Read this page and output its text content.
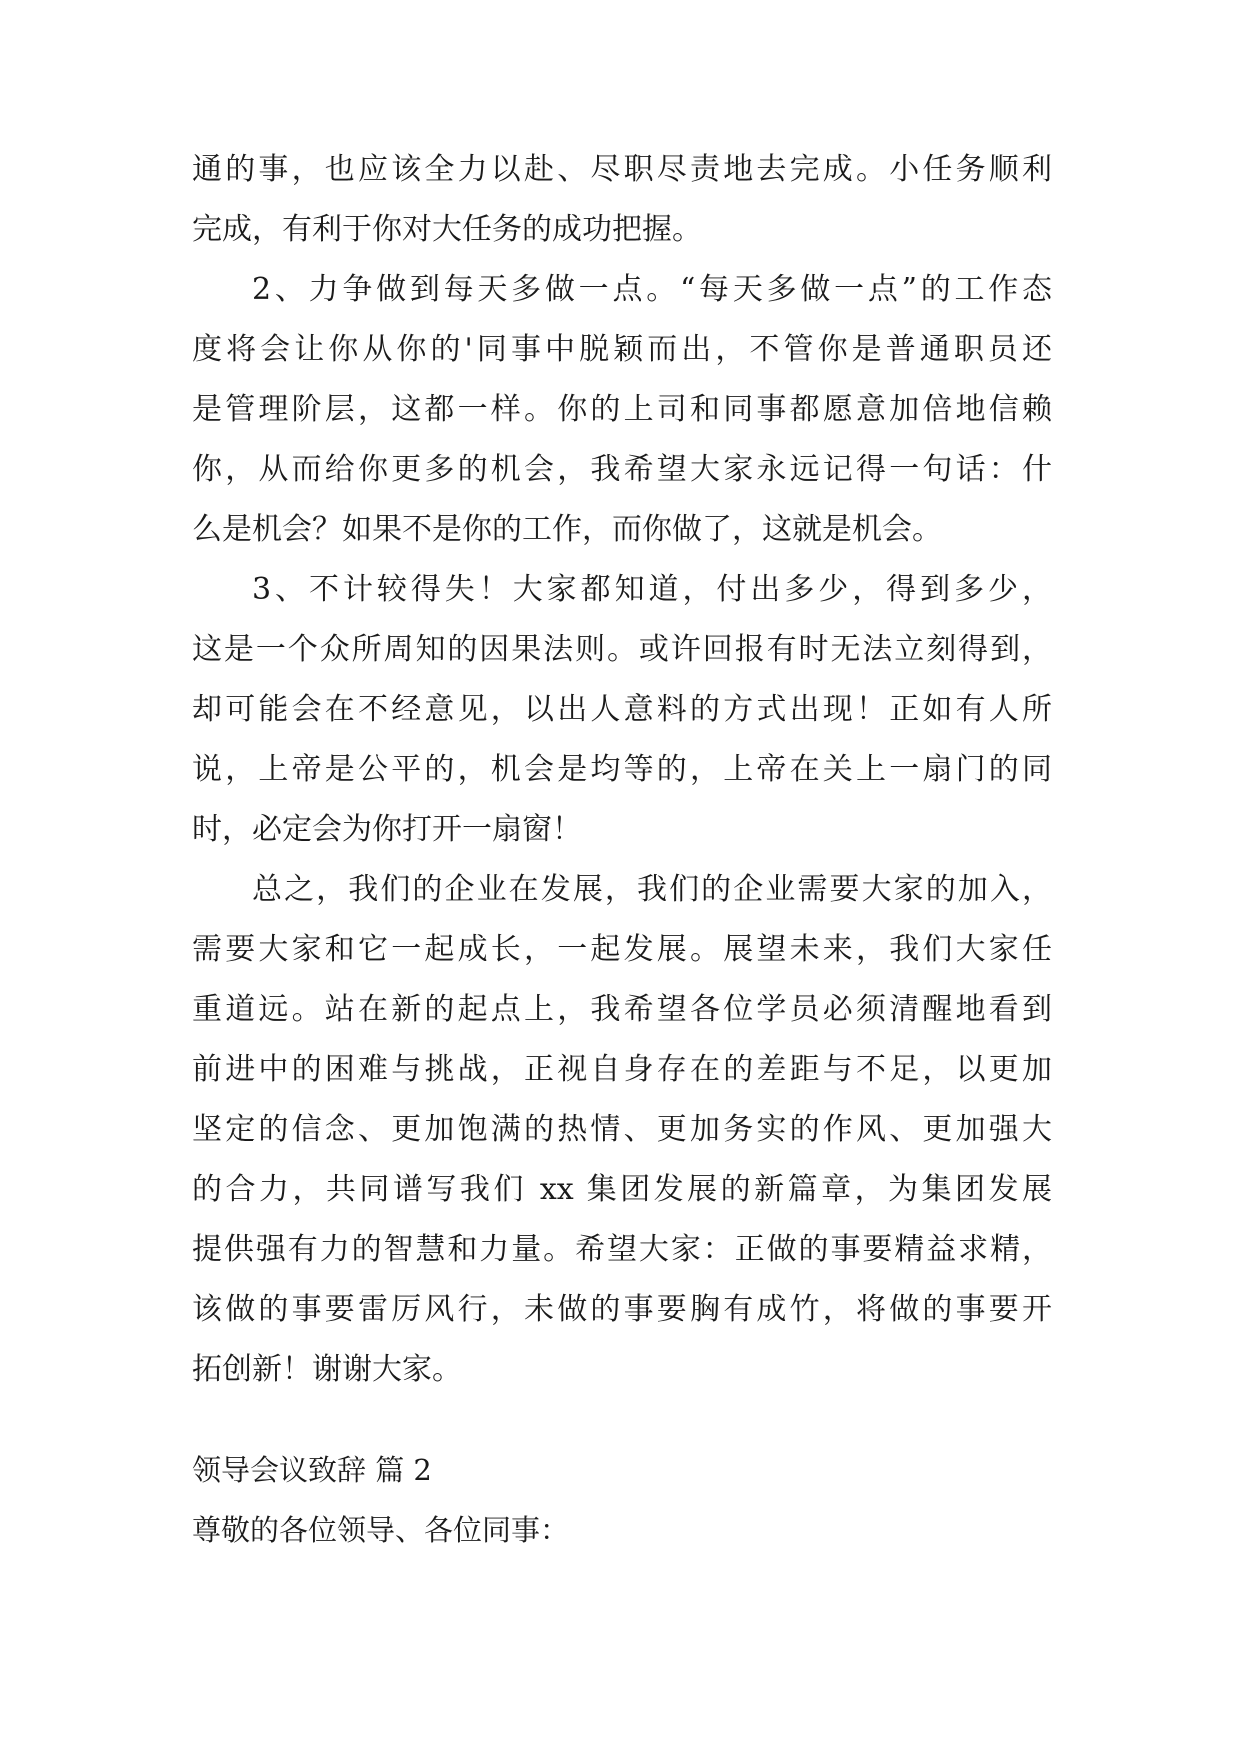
通的事，也应该全力以赴、尽职尽责地去完成。小任务顺利
完成，有利于你对大任务的成功把握。
2、力争做到每天多做一点。“每天多做一点”的工作态
度将会让你从你的'同事中脱颖而出，不管你是普通职员还
是管理阶层，这都一样。你的上司和同事都愿意加倍地信赖
你，从而给你更多的机会，我希望大家永远记得一句话：什
么是机会？如果不是你的工作，而你做了，这就是机会。
3、不计较得失！大家都知道，付出多少，得到多少，
这是一个众所周知的因果法则。或许回报有时无法立刻得到，
却可能会在不经意见，以出人意料的方式出现！正如有人所
说，上帝是公平的，机会是均等的，上帝在关上一扇门的同
时，必定会为你打开一扇窗！
总之，我们的企业在发展，我们的企业需要大家的加入，
需要大家和它一起成长，一起发展。展望未来，我们大家任
重道远。站在新的起点上，我希望各位学员必须清醒地看到
前进中的困难与挑战，正视自身存在的差距与不足，以更加
坚定的信念、更加饱满的热情、更加务实的作风、更加强大
的合力，共同谱写我们 xx 集团发展的新篇章，为集团发展
提供强有力的智慧和力量。希望大家：正做的事要精益求精，
该做的事要雷厉风行，未做的事要胸有成竹，将做的事要开
拓创新！谢谢大家。
领导会议致辞 篇 2
尊敬的各位领导、各位同事：
